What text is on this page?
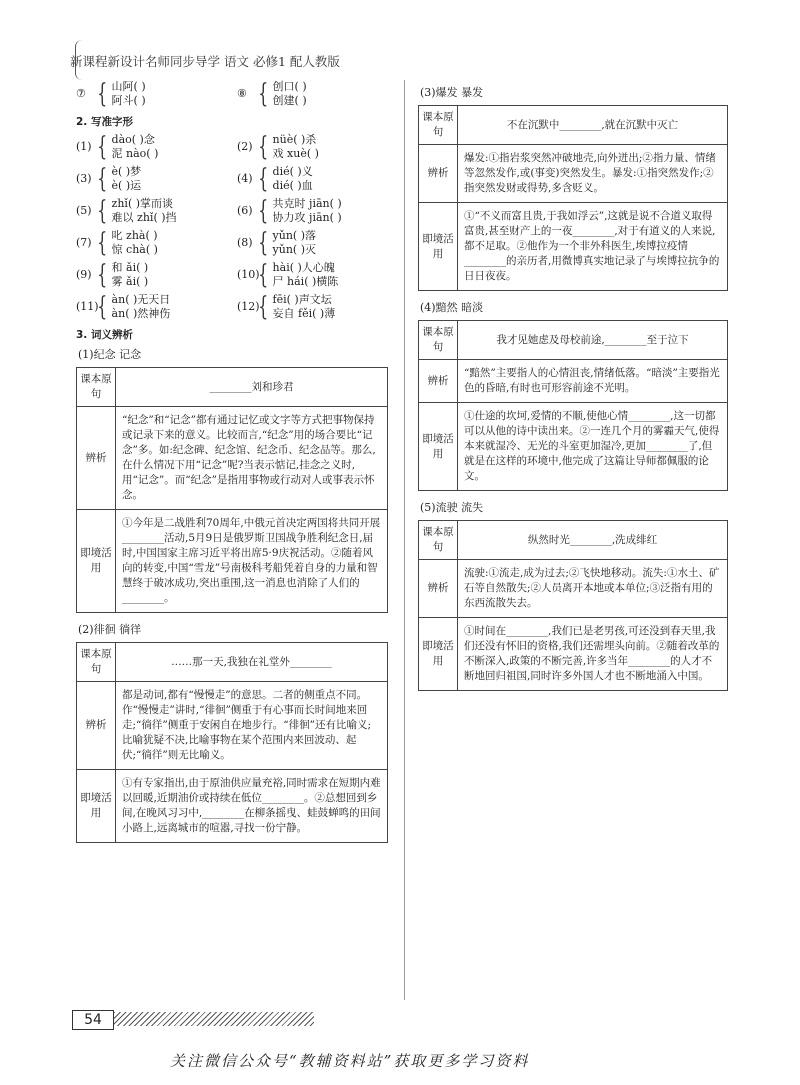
新课程新设计名师同步导学 语文 必修1 配人教版
⑦ { 山阿( )
阿斗( )
⑧ { 创口( )
创建( )
2. 写准字形
(1) { dào( )念
泥 nào( )
(2) { nüè( )杀
戏 xuè( )
(3) { è( )梦
è( )运
(4) { dié( )义
dié( )血
(5) { zhǐ( )掌而谈
难以 zhǐ( )挡
(6) { 共克时 jiān( )
协力攻 jiān( )
(7) { 叱 zhà( )
惊 chà( )
(8) { yǔn( )落
yǔn( )灭
(9) { 和 ǎi( )
雾 ǎi( )
(10)
{ hài( )人心魄
尸 hái( )横陈
(11)
{ àn( )无天日
àn( )然神伤
(12)
{ fēi( )声文坛
妄自 fěi( )薄
3. 词义辨析
(1)纪念 记念
课本原句	________刘和珍君
辨析	“纪念”和“记念”都有通过记忆或文字等方式把事物保持或记录下来的意义。比较而言,“纪念”用的场合要比“记念”多。如:纪念碑、纪念馆、纪念币、纪念品等。那么,在什么情况下用“记念”呢?当表示惦记,挂念之义时,用“记念”。而“纪念”是指用事物或行动对人或事表示怀念。
即境活用	①今年是二战胜利70周年,中俄元首决定两国将共同开展________活动,5月9日是俄罗斯卫国战争胜利纪念日,届时,中国国家主席习近平将出席5·9庆祝活动。②随着风向的转变,中国“雪龙”号南极科考船凭着自身的力量和智慧终于破冰成功,突出重围,这一消息也消除了人们的________。
(2)徘徊 徜徉
课本原句	……那一天,我独在礼堂外________
辨析	都是动词,都有“慢慢走”的意思。二者的侧重点不同。作“慢慢走”讲时,“徘徊”侧重于有心事而长时间地来回走;“徜徉”侧重于安闲自在地步行。“徘徊”还有比喻义;比喻犹疑不决,比喻事物在某个范围内来回波动、起伏;“徜徉”则无比喻义。
即境活用	①有专家指出,由于原油供应量充裕,同时需求在短期内难以回暖,近期油价或持续在低位________。②总想回到乡间,在晚风习习中,________在柳条摇曳、蛙鼓蝉鸣的田间小路上,远离城市的喧嚣,寻找一份宁静。
(3)爆发 暴发
课本原句	不在沉默中________,就在沉默中灭亡
辨析	爆发:①指岩浆突然冲破地壳,向外迸出;②指力量、情绪等忽然发作,或(事变)突然发生。暴发:①指突然发作;②指突然发财或得势,多含贬义。
即境活用	①“不义而富且贵,于我如浮云”,这就是说不合道义取得富贵,甚至财产上的一夜________,对于有道义的人来说,都不足取。②他作为一个非外科医生,埃博拉疫情________的亲历者,用微博真实地记录了与埃博拉抗争的日日夜夜。
(4)黯然 暗淡
课本原句	我才见她虑及母校前途,________至于泣下
辨析	“黯然”主要指人的心情沮丧,情绪低落。“暗淡”主要指光色的昏暗,有时也可形容前途不光明。
即境活用	①仕途的坎坷,爱情的不顺,使他心情________,这一切都可以从他的诗中读出来。②一连几个月的雾霾天气,使得本来就湿冷、无光的斗室更加湿冷,更加________了,但就是在这样的环境中,他完成了这篇让导师都佩服的论文。
(5)流驶 流失
课本原句	纵然时光________,洗成绯红
辨析	流驶:①流走,成为过去;②飞快地移动。流失:①水土、矿石等自然散失;②人员离开本地或本单位;③泛指有用的东西流散失去。
即境活用	①时间在________,我们已是老男孩,可还没到春天里,我们还没有怀旧的资格,我们还需埋头向前。②随着改革的不断深入,政策的不断完善,许多当年________的人才不断地回归祖国,同时许多外国人才也不断地涌入中国。
54
关注微信公众号“教辅资料站”获取更多学习资料
